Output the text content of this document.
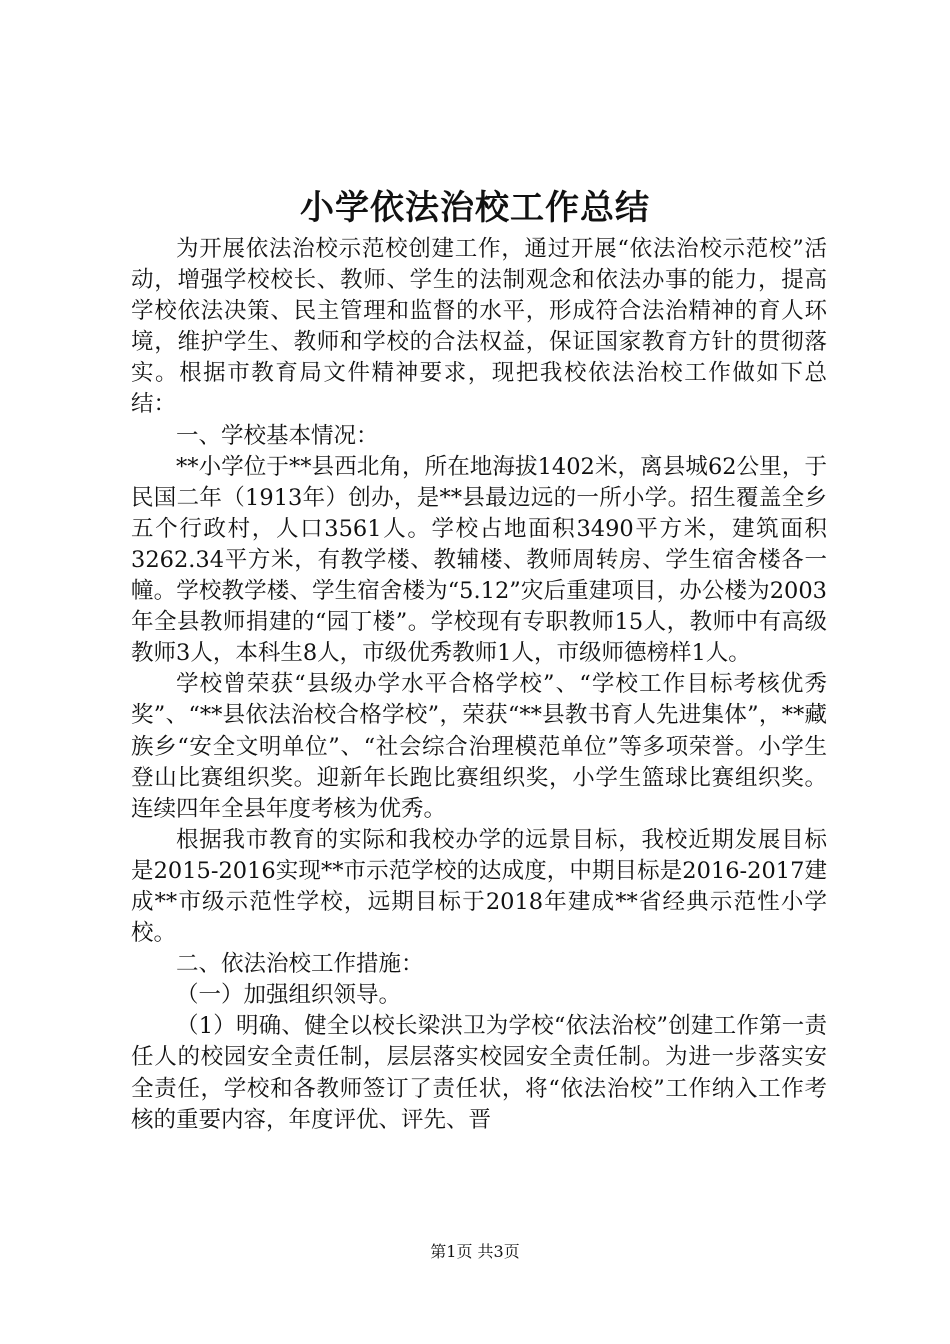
小学依法治校工作总结

为开展依法治校示范校创建工作，通过开展“依法治校示范校”活动，增强学校校长、教师、学生的法制观念和依法办事的能力，提高学校依法决策、民主管理和监督的水平，形成符合法治精神的育人环境，维护学生、教师和学校的合法权益，保证国家教育方针的贯彻落实。根据市教育局文件精神要求，现把我校依法治校工作做如下总结：

一、学校基本情况：

**小学位于**县西北角，所在地海拔1402米，离县城62公里，于民国二年（1913年）创办，是**县最边远的一所小学。招生覆盖全乡五个行政村，人口3561人。学校占地面积3490平方米，建筑面积3262.34平方米，有教学楼、教辅楼、教师周转房、学生宿舍楼各一幢。学校教学楼、学生宿舍楼为“5.12”灾后重建项目，办公楼为2003年全县教师捐建的“园丁楼”。学校现有专职教师15人，教师中有高级教师3人，本科生8人，市级优秀教师1人，市级师德榜样1人。

学校曾荣获“县级办学水平合格学校”、“学校工作目标考核优秀奖”、“**县依法治校合格学校”，荣获“**县教书育人先进集体”，**藏族乡“安全文明单位”、“社会综合治理模范单位”等多项荣誉。小学生登山比赛组织奖。迎新年长跑比赛组织奖，小学生篮球比赛组织奖。连续四年全县年度考核为优秀。

根据我市教育的实际和我校办学的远景目标，我校近期发展目标是2015-2016实现**市示范学校的达成度，中期目标是2016-2017建成**市级示范性学校，远期目标于2018年建成**省经典示范性小学校。

二、依法治校工作措施：

（一）加强组织领导。

（1）明确、健全以校长梁洪卫为学校“依法治校”创建工作第一责任人的校园安全责任制，层层落实校园安全责任制。为进一步落实安全责任，学校和各教师签订了责任状，将“依法治校”工作纳入工作考核的重要内容，年度评优、评先、晋

第1页 共3页
